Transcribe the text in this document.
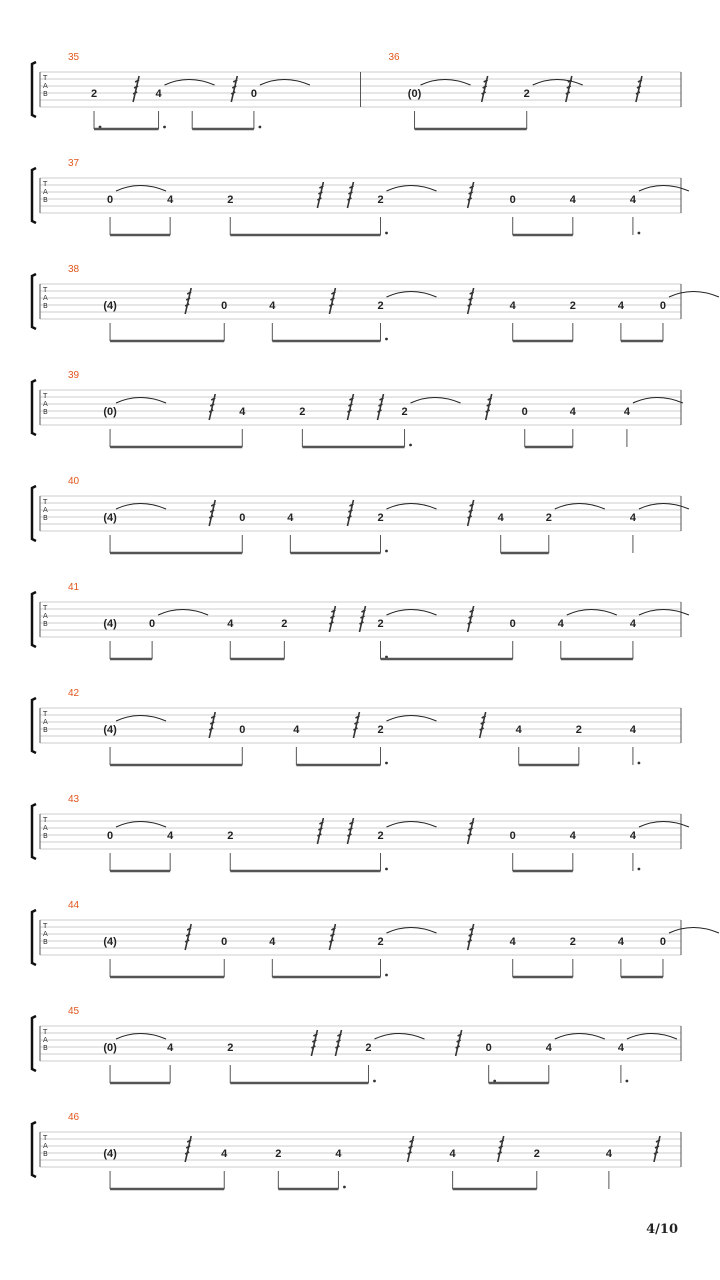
T
A
B
35
2	4	0
36
(0)	2
T
A
B
37
0	4	2	2	0	4	4
T
A
B
38
(4)	0	4	2	4	2	4	0
T
A
B
39
(0)	4	2	2	0	4	4
T
A
B
40
(4)	0	4	2	4	2	4
T
A
B
41
(4)	0	4	2	2	0	4	4
T
A
B
42
(4)	0	4	2	4	2	4
T
A
B
43
0	4	2	2	0	4	4
T
A
B
44
(4)	0	4	2	4	2	4	0
T
A
B
45
(0)	4	2	2	0	4	4
T
A
B
46
(4)	4	2	4	4	2	4
4/10
